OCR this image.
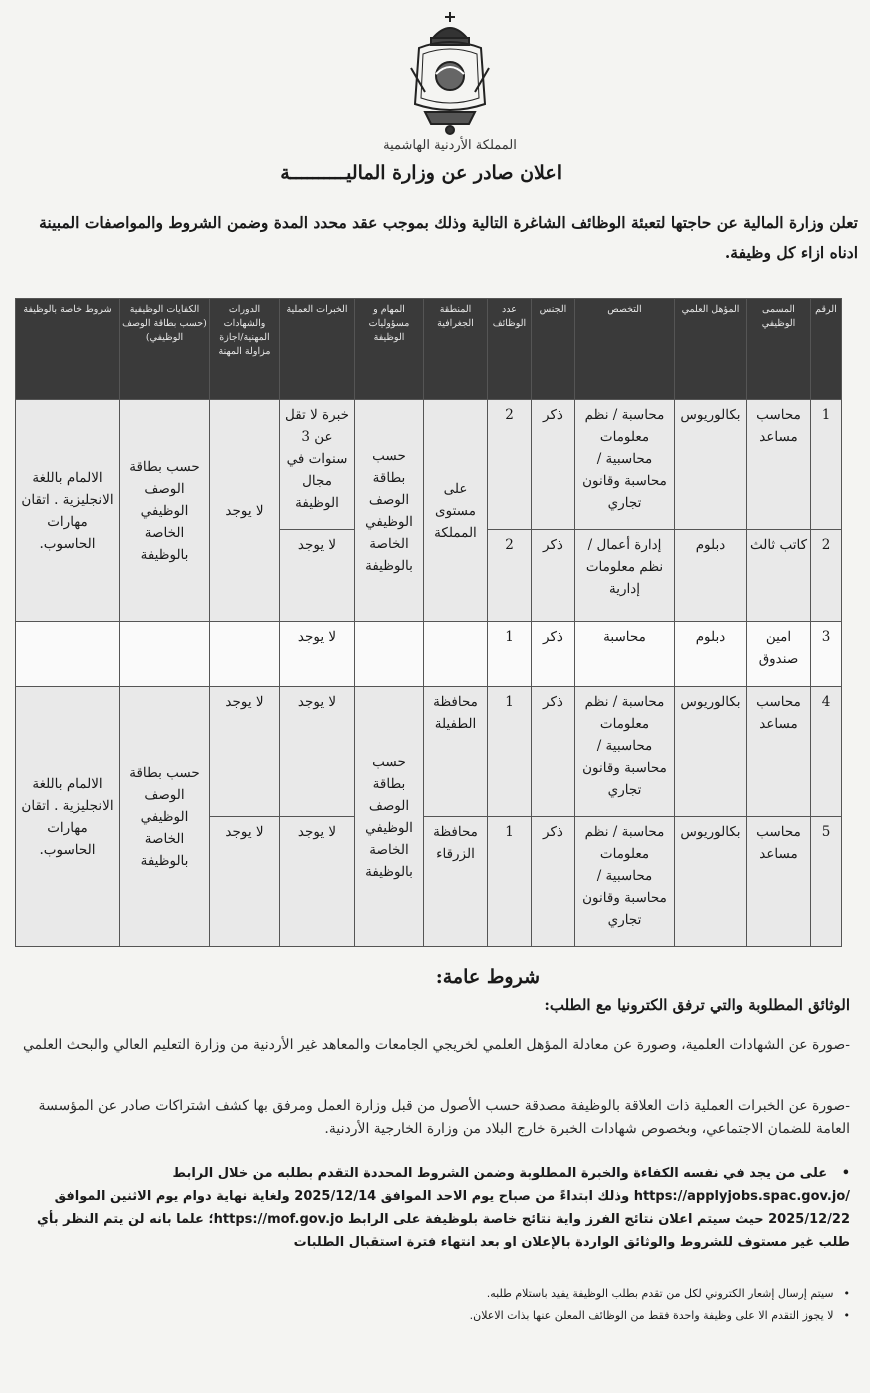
المملكة الأردنية الهاشمية
اعلان صادر عن وزارة الماليــــــــــة
تعلن وزارة المالية عن حاجتها لتعبئة الوظائف الشاغرة التالية وذلك بموجب عقد محدد المدة وضمن الشروط والمواصفات المبينة ادناه ازاء كل وظيفة.
الرقم	المسمى الوظيفي	المؤهل العلمي	التخصص	الجنس	عدد الوظائف	المنطقة الجغرافية	المهام و مسؤوليات الوظيفة	الخبرات العملية	الدورات والشهادات المهنية/اجازة مزاولة المهنة	الكفايات الوظيفية (حسب بطاقة الوصف الوظيفي)	شروط خاصة بالوظيفة
1	محاسب مساعد	بكالوريوس	محاسبة / نظم معلومات محاسبية / محاسبة وقانون تجاري	ذكر	2	على مستوى المملكة	حسب بطاقة الوصف الوظيفي الخاصة بالوظيفة	خبرة لا تقل عن 3 سنوات في مجال الوظيفة	لا يوجد	حسب بطاقة الوصف الوظيفي الخاصة بالوظيفة	الالمام باللغة الانجليزية . اتقان مهارات الحاسوب.
2	كاتب ثالث	دبلوم	إدارة أعمال / نظم معلومات إدارية	ذكر	2			لا يوجد			
3	امين صندوق	دبلوم	محاسبة	ذكر	1			لا يوجد			
4	محاسب مساعد	بكالوريوس	محاسبة / نظم معلومات محاسبية / محاسبة وقانون تجاري	ذكر	1	محافظة الطفيلة	حسب بطاقة الوصف الوظيفي الخاصة بالوظيفة	لا يوجد	لا يوجد	حسب بطاقة الوصف الوظيفي الخاصة بالوظيفة	الالمام باللغة الانجليزية . اتقان مهارات الحاسوب.
5	محاسب مساعد	بكالوريوس	محاسبة / نظم معلومات محاسبية / محاسبة وقانون تجاري	ذكر	1	محافظة الزرقاء		لا يوجد	لا يوجد		
شروط عامة:
الوثائق المطلوبة والتي ترفق الكترونيا مع الطلب:
-صورة عن الشهادات العلمية، وصورة عن معادلة المؤهل العلمي لخريجي الجامعات والمعاهد غير الأردنية من وزارة التعليم العالي والبحث العلمي
-صورة عن الخبرات العملية ذات العلاقة بالوظيفة مصدقة حسب الأصول من قبل وزارة العمل ومرفق بها كشف اشتراكات صادر عن المؤسسة العامة للضمان الاجتماعي، وبخصوص شهادات الخبرة خارج البلاد من وزارة الخارجية الأردنية.
• على من يجد في نفسه الكفاءة والخبرة المطلوبة وضمن الشروط المحددة التقدم بطلبه من خلال الرابط https://applyjobs.spac.gov.jo/ وذلك ابتداءً من صباح يوم الاحد الموافق 2025/12/14 ولغاية نهاية دوام يوم الاثنين الموافق 2025/12/22 حيث سيتم اعلان نتائج الفرز واية نتائج خاصة بلوظيفة على الرابط https://mof.gov.jo؛ علما بانه لن يتم النظر بأي طلب غير مستوف للشروط والوثائق الواردة بالإعلان او بعد انتهاء فترة استقبال الطلبات
• سيتم إرسال إشعار الكتروني لكل من تقدم بطلب الوظيفة يفيد باستلام طلبه.
• لا يجوز التقدم الا على وظيفة واحدة فقط من الوظائف المعلن عنها بذات الاعلان.
